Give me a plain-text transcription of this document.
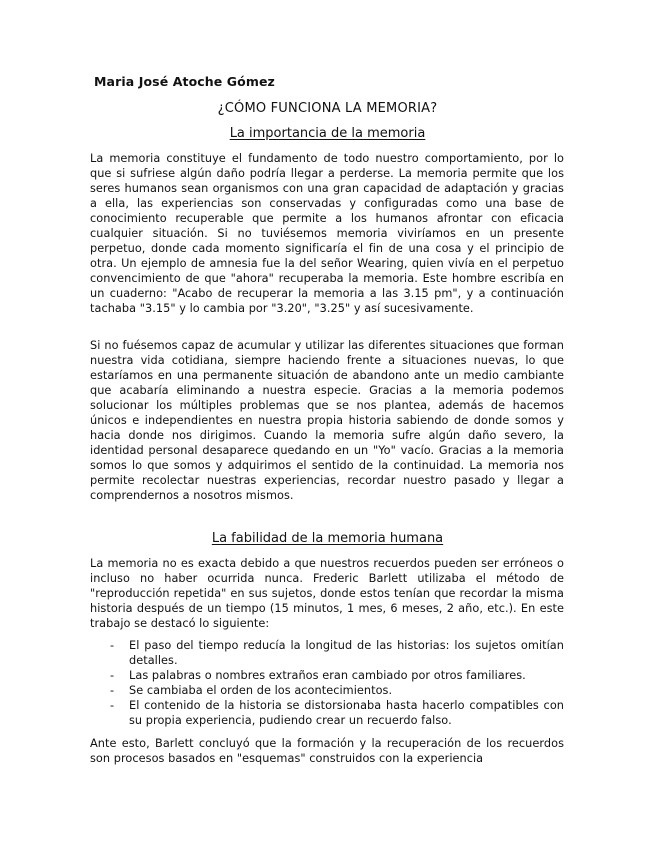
Maria José Atoche Gómez
¿CÓMO FUNCIONA LA MEMORIA?
La importancia de la memoria

La memoria constituye el fundamento de todo nuestro comportamiento, por lo que si sufriese algún daño podría llegar a perderse. La memoria permite que los seres humanos sean organismos con una gran capacidad de adaptación y gracias a ella, las experiencias son conservadas y configuradas como una base de conocimiento recuperable que permite a los humanos afrontar con eficacia cualquier situación. Si no tuviésemos memoria viviríamos en un presente perpetuo, donde cada momento significaría el fin de una cosa y el principio de otra. Un ejemplo de amnesia fue la del señor Wearing, quien vivía en el perpetuo convencimiento de que "ahora" recuperaba la memoria. Este hombre escribía en un cuaderno: "Acabo de recuperar la memoria a las 3.15 pm", y a continuación tachaba "3.15" y lo cambia por "3.20", "3.25" y así sucesivamente.

Si no fuésemos capaz de acumular y utilizar las diferentes situaciones que forman nuestra vida cotidiana, siempre haciendo frente a situaciones nuevas, lo que estaríamos en una permanente situación de abandono ante un medio cambiante que acabaría eliminando a nuestra especie. Gracias a la memoria podemos solucionar los múltiples problemas que se nos plantea, además de hacemos únicos e independientes en nuestra propia historia sabiendo de donde somos y hacia donde nos dirigimos. Cuando la memoria sufre algún daño severo, la identidad personal desaparece quedando en un "Yo" vacío. Gracias a la memoria somos lo que somos y adquirimos el sentido de la continuidad. La memoria nos permite recolectar nuestras experiencias, recordar nuestro pasado y llegar a comprendernos a nosotros mismos.

La fabilidad de la memoria humana

La memoria no es exacta debido a que nuestros recuerdos pueden ser erróneos o incluso no haber ocurrida nunca. Frederic Barlett utilizaba el método de "reproducción repetida" en sus sujetos, donde estos tenían que recordar la misma historia después de un tiempo (15 minutos, 1 mes, 6 meses, 2 año, etc.). En este trabajo se destacó lo siguiente:

- El paso del tiempo reducía la longitud de las historias: los sujetos omitían detalles.
- Las palabras o nombres extraños eran cambiado por otros familiares.
- Se cambiaba el orden de los acontecimientos.
- El contenido de la historia se distorsionaba hasta hacerlo compatibles con su propia experiencia, pudiendo crear un recuerdo falso.

Ante esto, Barlett concluyó que la formación y la recuperación de los recuerdos son procesos basados en "esquemas" construidos con la experiencia
